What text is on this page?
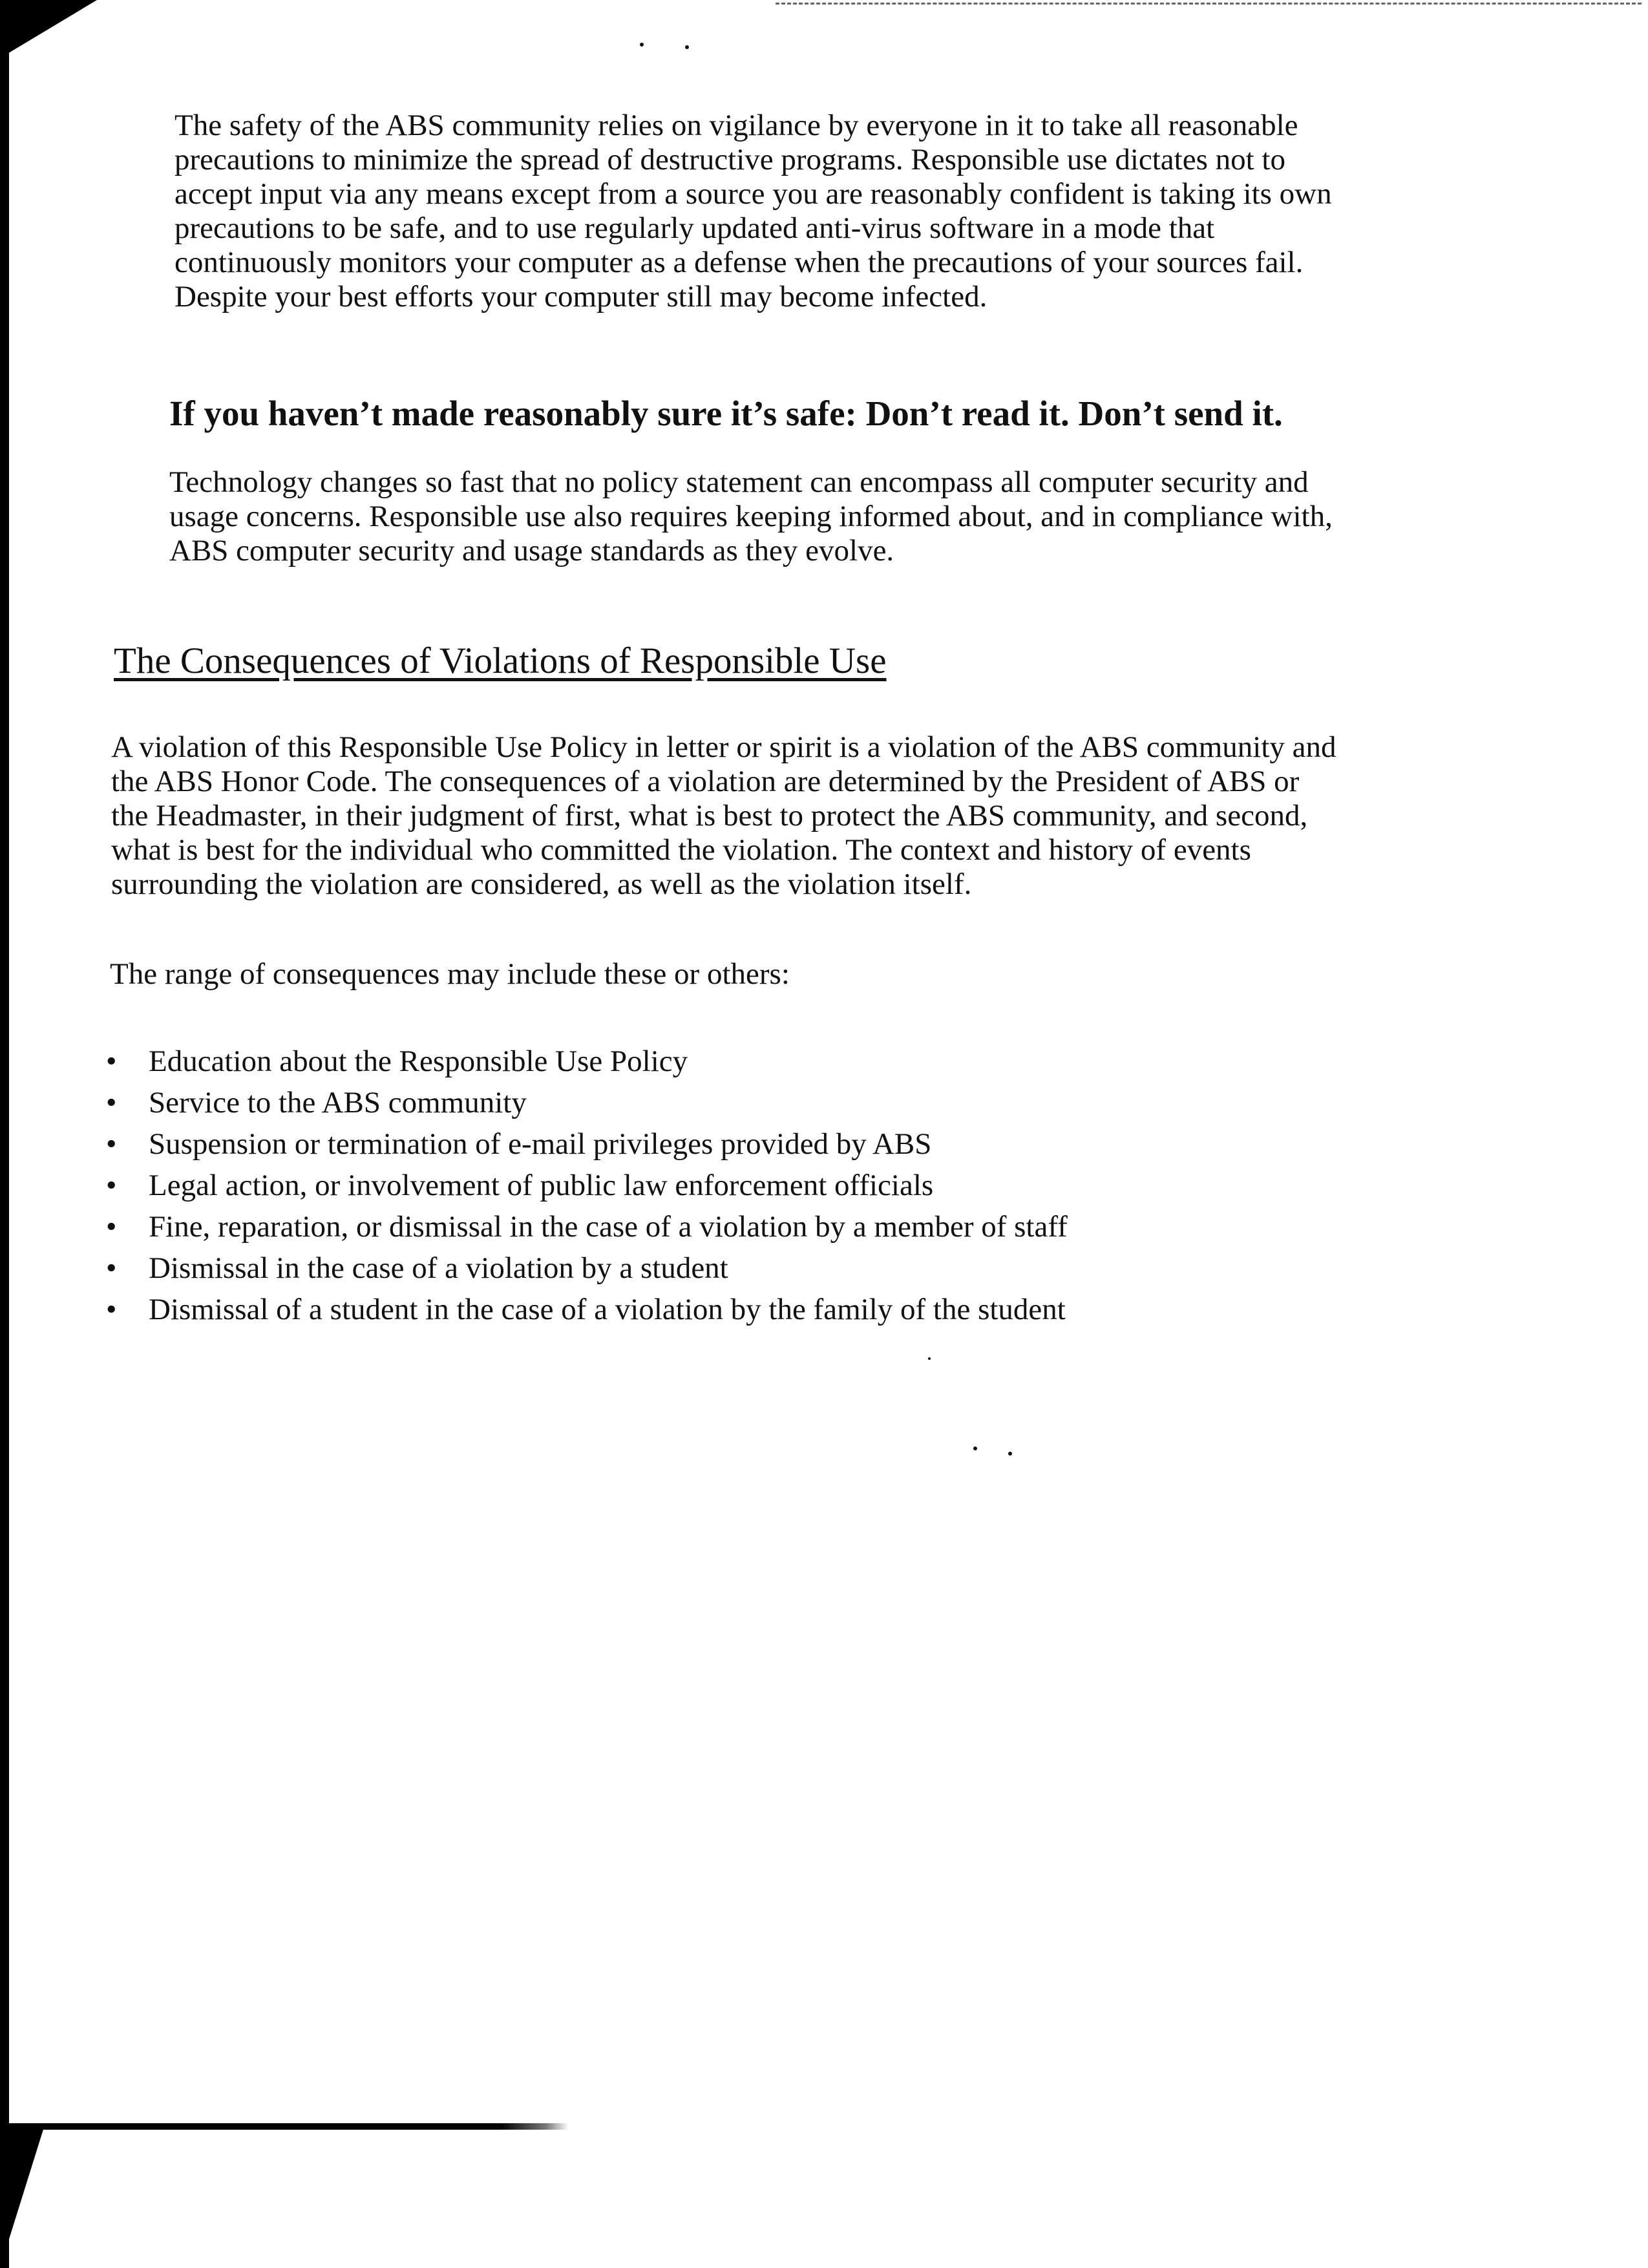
The safety of the ABS community relies on vigilance by everyone in it to take all reasonable
precautions to minimize the spread of destructive programs. Responsible use dictates not to
accept input via any means except from a source you are reasonably confident is taking its own
precautions to be safe, and to use regularly updated anti-virus software in a mode that
continuously monitors your computer as a defense when the precautions of your sources fail.
Despite your best efforts your computer still may become infected.
If you haven’t made reasonably sure it’s safe: Don’t read it. Don’t send it.
Technology changes so fast that no policy statement can encompass all computer security and
usage concerns. Responsible use also requires keeping informed about, and in compliance with,
ABS computer security and usage standards as they evolve.
The Consequences of Violations of Responsible Use
A violation of this Responsible Use Policy in letter or spirit is a violation of the ABS community and
the ABS Honor Code. The consequences of a violation are determined by the President of ABS or
the Headmaster, in their judgment of first, what is best to protect the ABS community, and second,
what is best for the individual who committed the violation. The context and history of events
surrounding the violation are considered, as well as the violation itself.
The range of consequences may include these or others:
• Education about the Responsible Use Policy
• Service to the ABS community
• Suspension or termination of e-mail privileges provided by ABS
• Legal action, or involvement of public law enforcement officials
• Fine, reparation, or dismissal in the case of a violation by a member of staff
• Dismissal in the case of a violation by a student
• Dismissal of a student in the case of a violation by the family of the student
